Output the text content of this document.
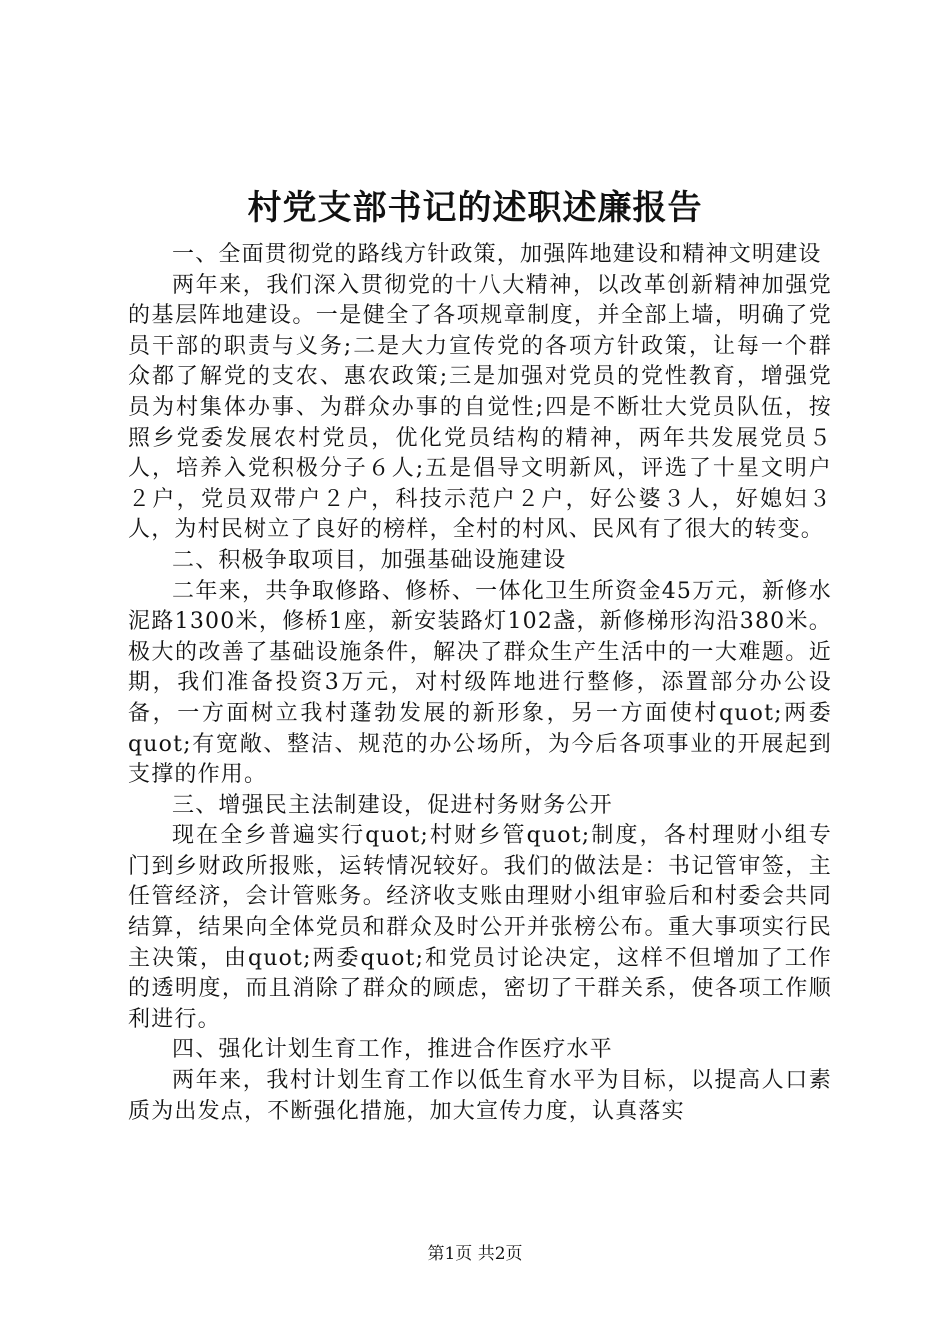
村党支部书记的述职述廉报告

一、全面贯彻党的路线方针政策，加强阵地建设和精神文明建设

两年来，我们深入贯彻党的十八大精神，以改革创新精神加强党的基层阵地建设。一是健全了各项规章制度，并全部上墙，明确了党员干部的职责与义务;二是大力宣传党的各项方针政策，让每一个群众都了解党的支农、惠农政策;三是加强对党员的党性教育，增强党员为村集体办事、为群众办事的自觉性;四是不断壮大党员队伍，按照乡党委发展农村党员，优化党员结构的精神，两年共发展党员５人，培养入党积极分子６人;五是倡导文明新风，评选了十星文明户２户，党员双带户２户，科技示范户２户，好公婆３人，好媳妇３人，为村民树立了良好的榜样，全村的村风、民风有了很大的转变。

二、积极争取项目，加强基础设施建设

二年来，共争取修路、修桥、一体化卫生所资金45万元，新修水泥路1300米，修桥1座，新安装路灯102盏，新修梯形沟沿380米。极大的改善了基础设施条件，解决了群众生产生活中的一大难题。近期，我们准备投资3万元，对村级阵地进行整修，添置部分办公设备，一方面树立我村蓬勃发展的新形象，另一方面使村quot;两委quot;有宽敞、整洁、规范的办公场所，为今后各项事业的开展起到支撑的作用。

三、增强民主法制建设，促进村务财务公开

现在全乡普遍实行quot;村财乡管quot;制度，各村理财小组专门到乡财政所报账，运转情况较好。我们的做法是：书记管审签，主任管经济，会计管账务。经济收支账由理财小组审验后和村委会共同结算，结果向全体党员和群众及时公开并张榜公布。重大事项实行民主决策，由quot;两委quot;和党员讨论决定，这样不但增加了工作的透明度，而且消除了群众的顾虑，密切了干群关系，使各项工作顺利进行。

四、强化计划生育工作，推进合作医疗水平

两年来，我村计划生育工作以低生育水平为目标，以提高人口素质为出发点，不断强化措施，加大宣传力度，认真落实

第1页 共2页
